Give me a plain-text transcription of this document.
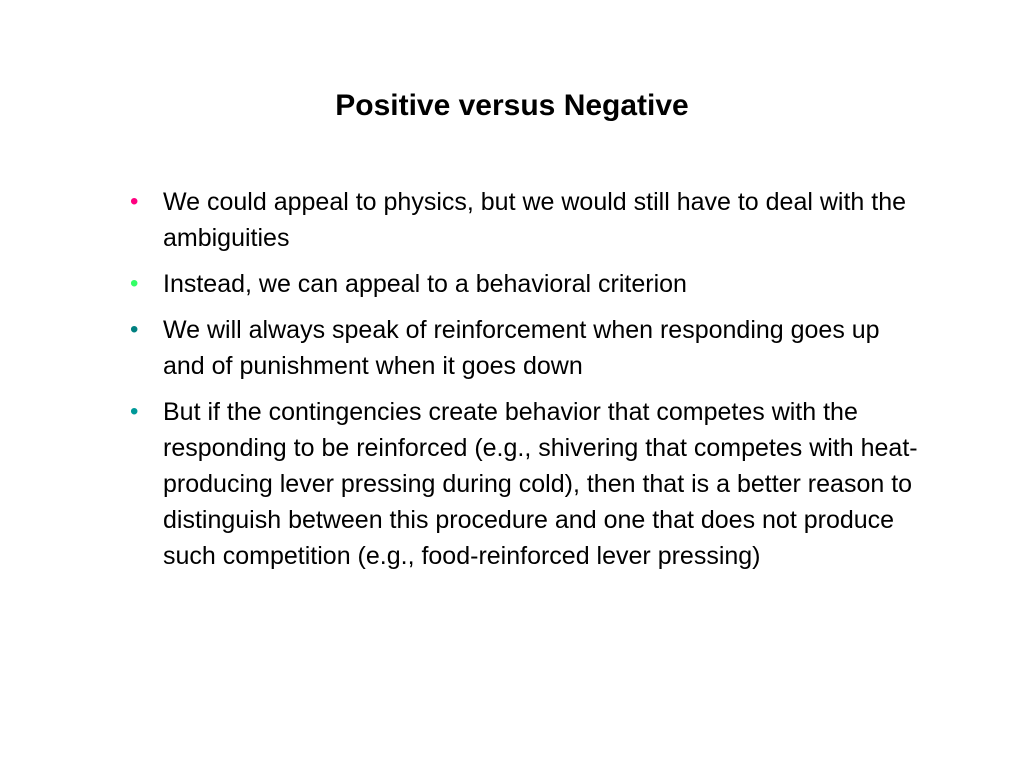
Positive versus Negative
• We could appeal to physics, but we would still have to deal with the ambiguities
• Instead, we can appeal to a behavioral criterion
• We will always speak of reinforcement when responding goes up and of punishment when it goes down
• But if the contingencies create behavior that competes with the responding to be reinforced (e.g., shivering that competes with heat-producing lever pressing during cold), then that is a better reason to distinguish between this procedure and one that does not produce such competition (e.g., food-reinforced lever pressing)
